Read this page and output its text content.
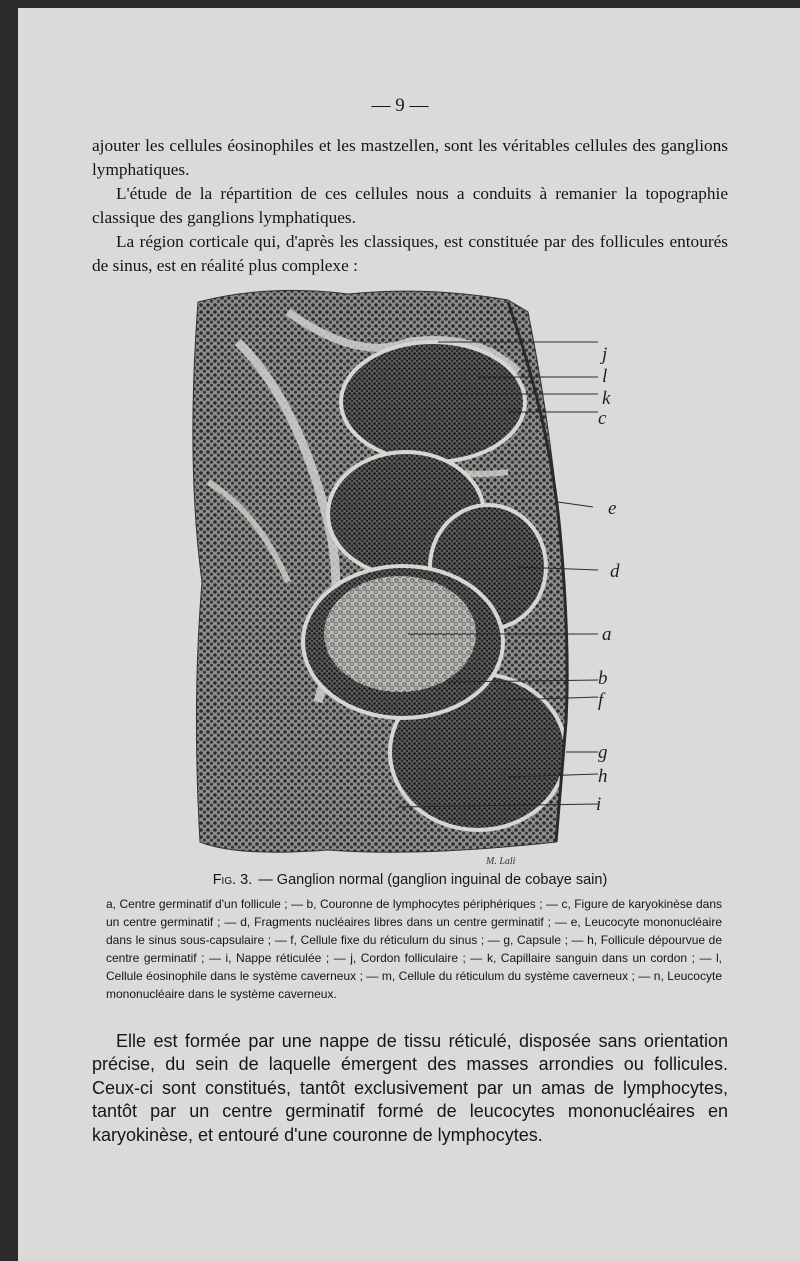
— 9 —

ajouter les cellules éosinophiles et les mastzellen, sont les véritables cellules des ganglions lymphatiques.

L'étude de la répartition de ces cellules nous a conduits à remanier la topographie classique des ganglions lymphatiques.

La région corticale qui, d'après les classiques, est constituée par des follicules entourés de sinus, est en réalité plus complexe :

j
l
k
c
e
d
a
b
f
g
h
i
M. Lali
Fig. 3. — Ganglion normal (ganglion inguinal de cobaye sain)

a, Centre germinatif d'un follicule ; — b, Couronne de lymphocytes périphériques ; — c, Figure de karyokinèse dans un centre germinatif ; — d, Fragments nucléaires libres dans un centre germinatif ; — e, Leucocyte mononucléaire dans le sinus sous-capsulaire ; — f, Cellule fixe du réticulum du sinus ; — g, Capsule ; — h, Follicule dépourvue de centre germinatif ; — i, Nappe réticulée ; — j, Cordon folliculaire ; — k, Capillaire sanguin dans un cordon ; — l, Cellule éosinophile dans le système caverneux ; — m, Cellule du réticulum du système caverneux ; — n, Leucocyte mononucléaire dans le système caverneux.

Elle est formée par une nappe de tissu réticulé, disposée sans orientation précise, du sein de laquelle émergent des masses arrondies ou follicules. Ceux-ci sont constitués, tantôt exclusivement par un amas de lymphocytes, tantôt par un centre germinatif formé de leucocytes mononucléaires en karyokinèse, et entouré d'une couronne de lymphocytes.
